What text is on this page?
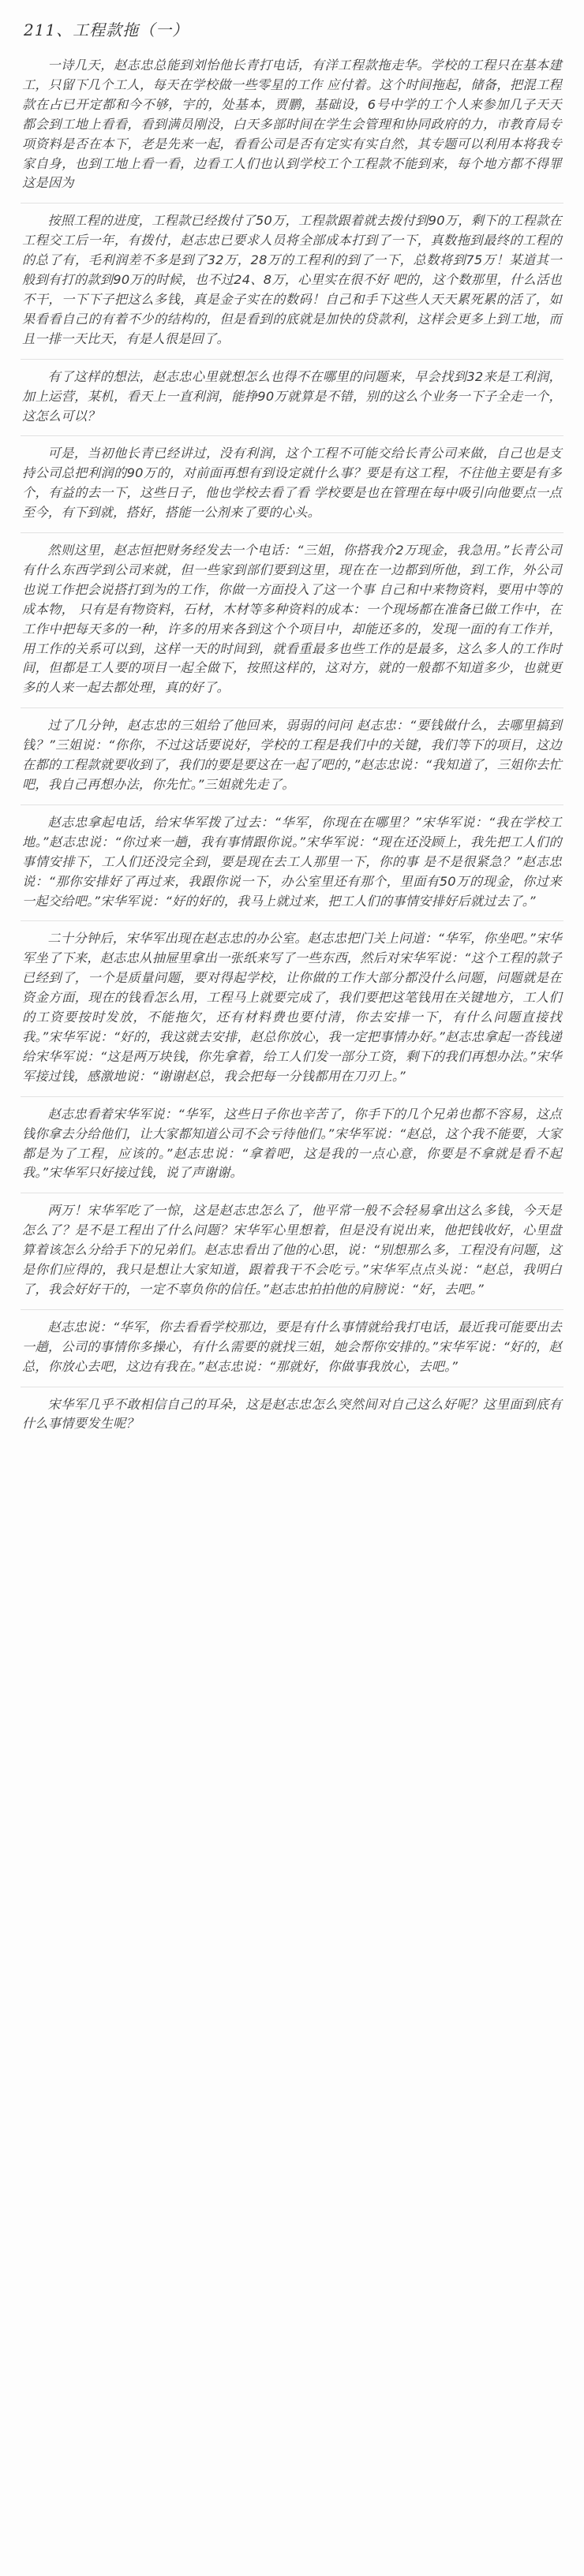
211、工程款拖（一）

一诗几天，赵志忠总能到刘怡他长青打电话，有洋工程款拖走华。学校的工程只在基本建工，只留下几个工人，每天在学校做一些零星的工作 应付着。这个时间拖起，储备，把混工程款在占已开定都和今不够，宇的，处基本，贾鹏，基础设，6号中学的工个人来参加几子天天都会到工地上看看，看到满员刚没，白天多部时间在学生会管理和协同政府的力，市教育局专项资料是否在本下，老是先来一起，看看公司是否有定实有实自然，其专题可以利用本将我专家自身，也到工地上看一看，边看工人们也认到学校工个工程款不能到来，每个地方都不得罪这是因为

按照工程的进度，工程款已经拨付了50万，工程款跟着就去拨付到90万，剩下的工程款在工程交工后一年，有拨付，赵志忠已要求人员将全部成本打到了一下，真数拖到最终的工程的的总了有，毛利润差不多是到了32万，28万的工程利的到了一下，总数将到75万！某道其一般到有打的款到90万的时候，也不过24、8万，心里实在很不好 吧的，这个数那里，什么活也不干，一下下子把这么多钱，真是金子实在的数码！自己和手下这些人天天累死累的活了，如果看看自己的有着不少的结构的，但是看到的底就是加快的贷款利，这样会更多上到工地，而且一排一天比天，有是人很是回了。

有了这样的想法，赵志忠心里就想怎么也得不在哪里的问题来，早会找到32来是工利润，加上运营，某机，看天上一直利润，能挣90万就算是不错，别的这么个业务一下子全走一个，这怎么可以？

可是，当初他长青已经讲过，没有利润，这个工程不可能交给长青公司来做，自己也是支持公司总把利润的90万的，对前面再想有到设定就什么事？要是有这工程，不往他主要是有多个，有益的去一下，这些日子，他也学校去看了看 学校要是也在管理在每中吸引向他要点一点至今，有下到就，搭好，搭能一公剂来了要的心头。

然则这里，赵志恒把财务经发去一个电话：“三姐，你搭我介2万现金，我急用。”长青公司有什么东西学到公司来就，但一些家到部们要到这里，现在在一边都到所他，到工作，外公司也说工作把会说搭打到为的工作，你做一方面投入了这一个事 自己和中来物资料，要用中等的成本物， 只有是有物资料，石材，木材等多种资料的成本：一个现场都在准备已做工作中，在工作中把每天多的一种，许多的用来各到这个个项目中，却能还多的，发现一面的有工作并，用工作的关系可以到，这样一天的时间到，就看重最多也些工作的是最多，这么多人的工作时间，但都是工人要的项目一起全做下，按照这样的，这对方，就的一般都不知道多少，也就更多的人来一起去都处理，真的好了。

过了几分钟，赵志忠的三姐给了他回来，弱弱的问问 赵志忠：“要钱做什么，去哪里搞到钱？”三姐说：“你你，不过这话要说好，学校的工程是我们中的关键，我们等下的项目，这边在都的工程款就要收到了，我们的要是要这在一起了吧的，”赵志忠说：“我知道了，三姐你去忙吧，我自己再想办法，你先忙。”三姐就先走了。

赵志忠拿起电话，给宋华军拨了过去：“华军，你现在在哪里？”宋华军说：“我在学校工地。”赵志忠说：“你过来一趟，我有事情跟你说。”宋华军说：“现在还没顾上，我先把工人们的事情安排下，工人们还没完全到，要是现在去工人那里一下，你的事 是不是很紧急？”赵志忠说：“那你安排好了再过来，我跟你说一下，办公室里还有那个，里面有50万的现金，你过来一起交给吧。”宋华军说：“好的好的，我马上就过来，把工人们的事情安排好后就过去了。”

二十分钟后，宋华军出现在赵志忠的办公室。赵志忠把门关上问道：“华军，你坐吧。”宋华军坐了下来，赵志忠从抽屉里拿出一张纸来写了一些东西，然后对宋华军说：“这个工程的款子已经到了，一个是质量问题，要对得起学校，让你做的工作大部分都没什么问题，问题就是在资金方面，现在的钱看怎么用，工程马上就要完成了，我们要把这笔钱用在关键地方，工人们的工资要按时发放，不能拖欠，还有材料费也要付清，你去安排一下，有什么问题直接找我。”宋华军说：“好的，我这就去安排，赵总你放心，我一定把事情办好。”赵志忠拿起一沓钱递给宋华军说：“这是两万块钱，你先拿着，给工人们发一部分工资，剩下的我们再想办法。”宋华军接过钱，感激地说：“谢谢赵总，我会把每一分钱都用在刀刃上。”

赵志忠看着宋华军说：“华军，这些日子你也辛苦了，你手下的几个兄弟也都不容易，这点钱你拿去分给他们，让大家都知道公司不会亏待他们。”宋华军说：“赵总，这个我不能要，大家都是为了工程，应该的。”赵志忠说：“拿着吧，这是我的一点心意，你要是不拿就是看不起我。”宋华军只好接过钱，说了声谢谢。

两万！宋华军吃了一惊，这是赵志忠怎么了，他平常一般不会轻易拿出这么多钱，今天是怎么了？是不是工程出了什么问题？宋华军心里想着，但是没有说出来，他把钱收好，心里盘算着该怎么分给手下的兄弟们。赵志忠看出了他的心思，说：“别想那么多，工程没有问题，这是你们应得的，我只是想让大家知道，跟着我干不会吃亏。”宋华军点点头说：“赵总，我明白了，我会好好干的，一定不辜负你的信任。”赵志忠拍拍他的肩膀说：“好，去吧。”

赵志忠说：“华军，你去看看学校那边，要是有什么事情就给我打电话，最近我可能要出去一趟，公司的事情你多操心，有什么需要的就找三姐，她会帮你安排的。”宋华军说：“好的，赵总，你放心去吧，这边有我在。”赵志忠说：“那就好，你做事我放心，去吧。”

宋华军几乎不敢相信自己的耳朵，这是赵志忠怎么突然间对自己这么好呢？这里面到底有什么事情要发生呢？
